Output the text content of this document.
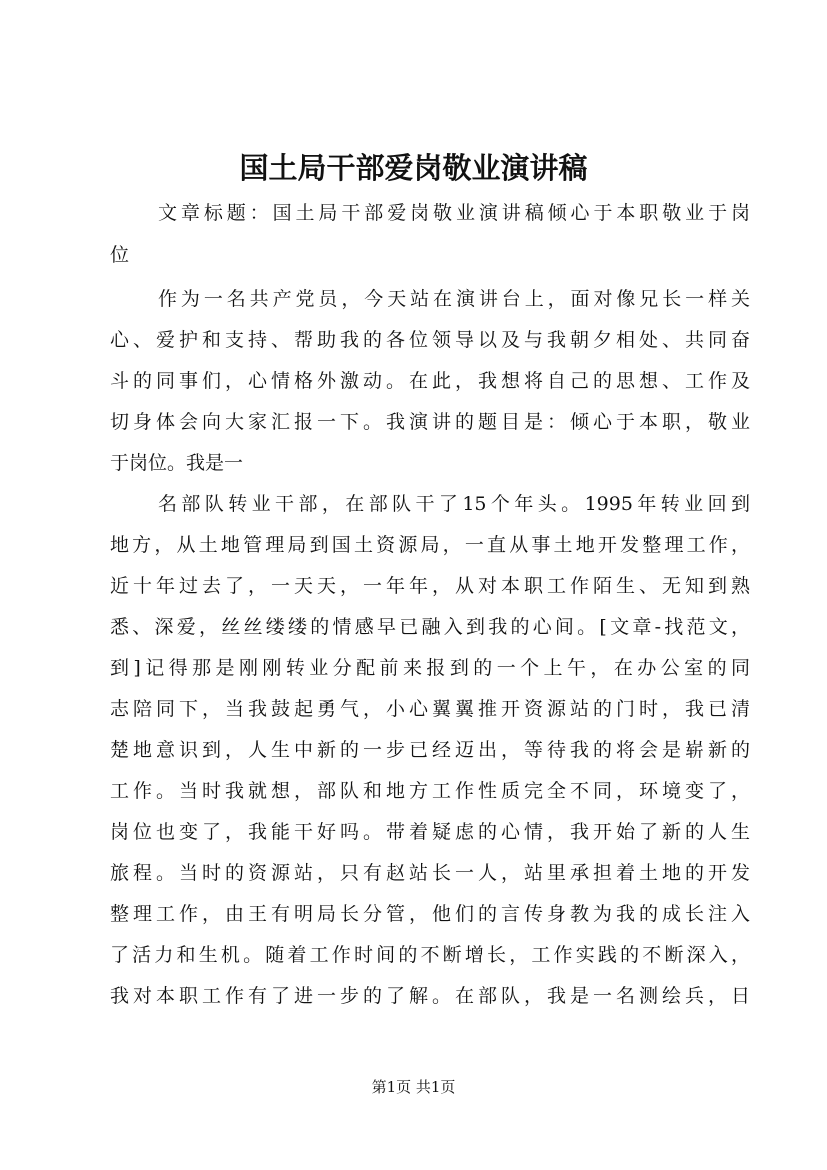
国土局干部爱岗敬业演讲稿
文章标题：国土局干部爱岗敬业演讲稿倾心于本职敬业于岗
位
作为一名共产党员，今天站在演讲台上，面对像兄长一样关
心、爱护和支持、帮助我的各位领导以及与我朝夕相处、共同奋
斗的同事们，心情格外激动。在此，我想将自己的思想、工作及
切身体会向大家汇报一下。我演讲的题目是：倾心于本职，敬业
于岗位。我是一
名部队转业干部，在部队干了15个年头。1995年转业回到
地方，从土地管理局到国土资源局，一直从事土地开发整理工作，
近十年过去了，一天天，一年年，从对本职工作陌生、无知到熟
悉、深爱，丝丝缕缕的情感早已融入到我的心间。[文章-找范文，
到]记得那是刚刚转业分配前来报到的一个上午，在办公室的同
志陪同下，当我鼓起勇气，小心翼翼推开资源站的门时，我已清
楚地意识到，人生中新的一步已经迈出，等待我的将会是崭新的
工作。当时我就想，部队和地方工作性质完全不同，环境变了，
岗位也变了，我能干好吗。带着疑虑的心情，我开始了新的人生
旅程。当时的资源站，只有赵站长一人，站里承担着土地的开发
整理工作，由王有明局长分管，他们的言传身教为我的成长注入
了活力和生机。随着工作时间的不断增长，工作实践的不断深入，
我对本职工作有了进一步的了解。在部队，我是一名测绘兵，日
第1页 共1页
